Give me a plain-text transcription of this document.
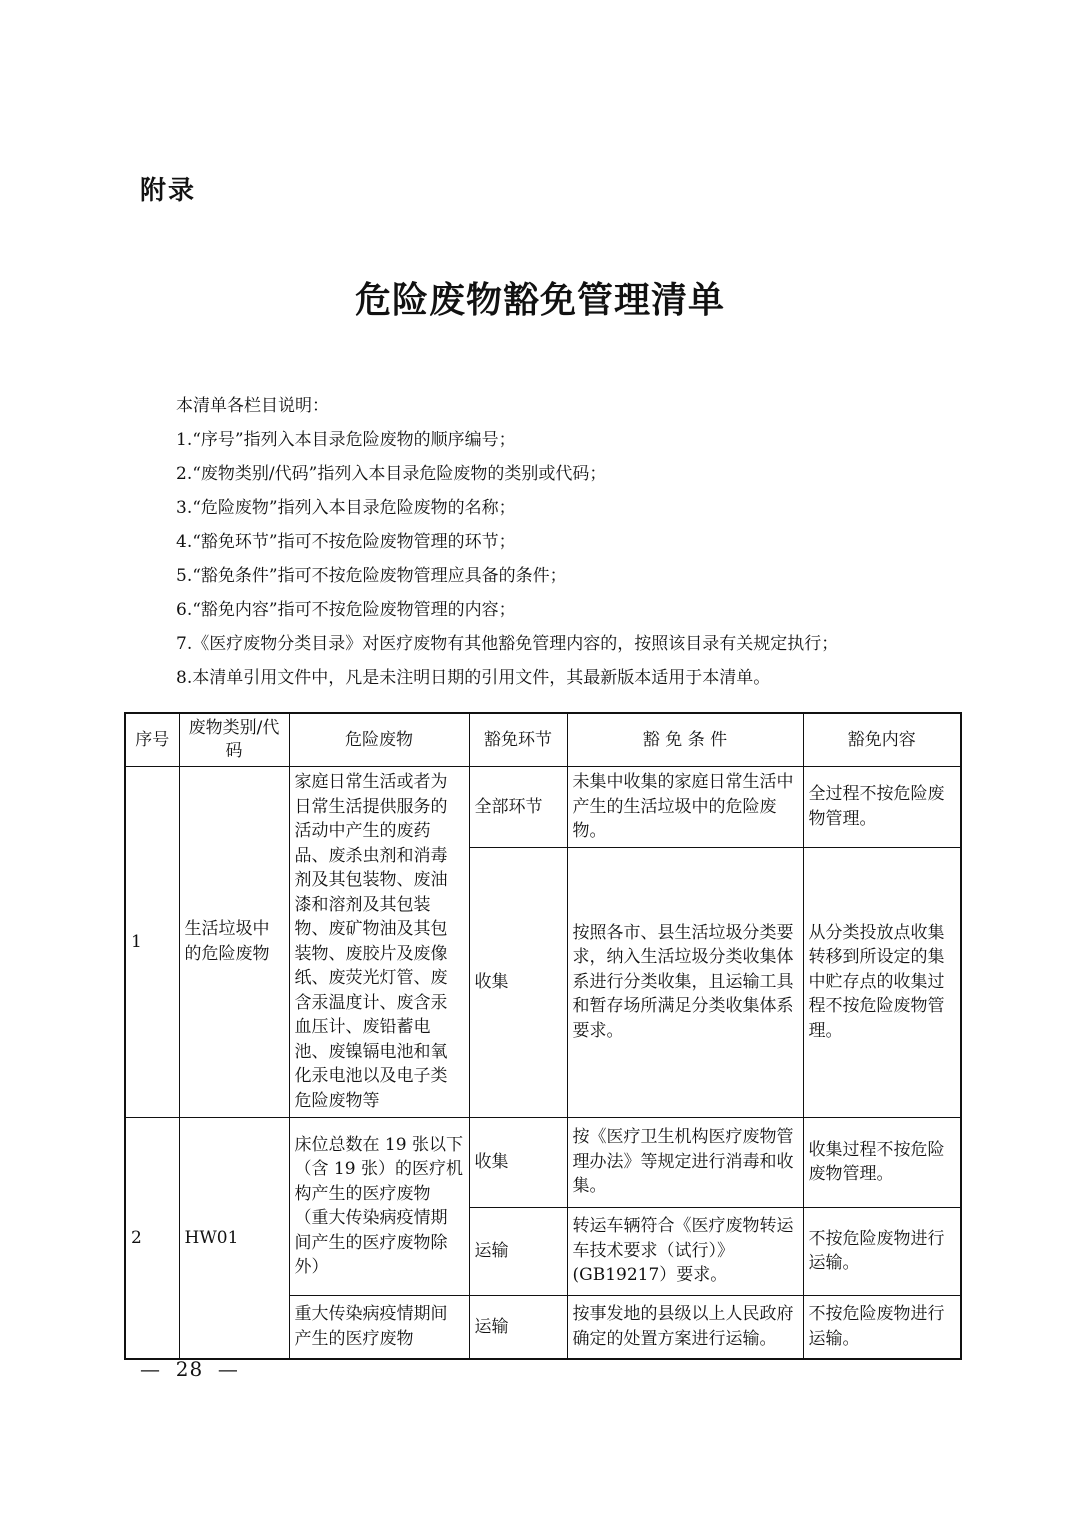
附录
危险废物豁免管理清单
本清单各栏目说明：
1.“序号”指列入本目录危险废物的顺序编号；
2.“废物类别/代码”指列入本目录危险废物的类别或代码；
3.“危险废物”指列入本目录危险废物的名称；
4.“豁免环节”指可不按危险废物管理的环节；
5.“豁免条件”指可不按危险废物管理应具备的条件；
6.“豁免内容”指可不按危险废物管理的内容；
7.《医疗废物分类目录》对医疗废物有其他豁免管理内容的，按照该目录有关规定执行；
8.本清单引用文件中，凡是未注明日期的引用文件，其最新版本适用于本清单。
序号	废物类别/代码	危险废物	豁免环节	豁 免 条 件	豁免内容
1	生活垃圾中的危险废物	家庭日常生活或者为日常生活提供服务的活动中产生的废药品、废杀虫剂和消毒剂及其包装物、废油漆和溶剂及其包装物、废矿物油及其包装物、废胶片及废像纸、废荧光灯管、废含汞温度计、废含汞血压计、废铅蓄电池、废镍镉电池和氧化汞电池以及电子类危险废物等	全部环节	未集中收集的家庭日常生活中产生的生活垃圾中的危险废物。	全过程不按危险废物管理。
			收集	按照各市、县生活垃圾分类要求，纳入生活垃圾分类收集体系进行分类收集，且运输工具和暂存场所满足分类收集体系要求。	从分类投放点收集转移到所设定的集中贮存点的收集过程不按危险废物管理。
2	HW01	床位总数在 19 张以下（含 19 张）的医疗机构产生的医疗废物（重大传染病疫情期间产生的医疗废物除外）	收集	按《医疗卫生机构医疗废物管理办法》等规定进行消毒和收集。	收集过程不按危险废物管理。
			运输	转运车辆符合《医疗废物转运车技术要求（试行）》(GB19217）要求。	不按危险废物进行运输。
		重大传染病疫情期间产生的医疗废物	运输	按事发地的县级以上人民政府确定的处置方案进行运输。	不按危险废物进行运输。
—  28  —
